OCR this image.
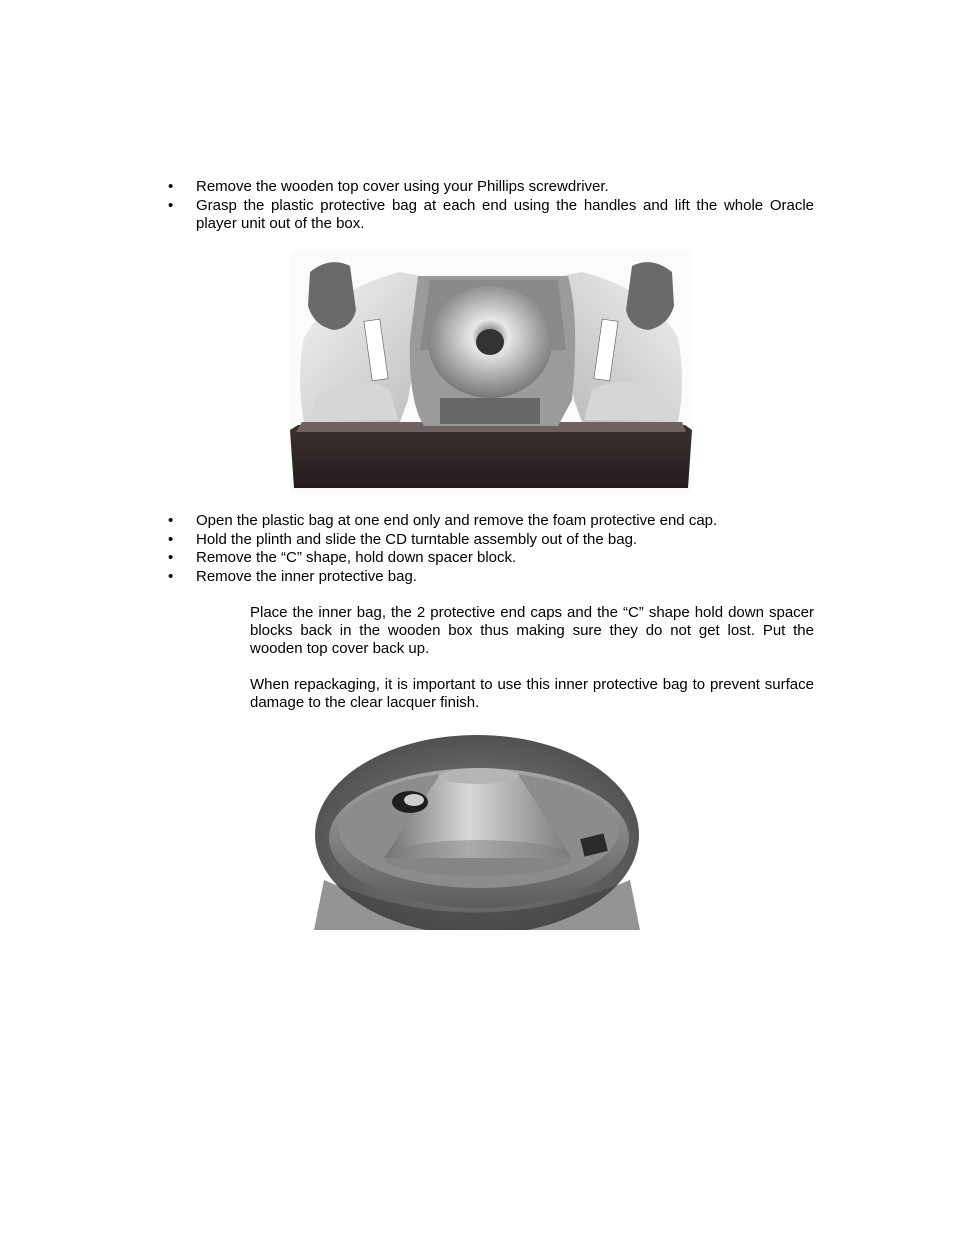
• Remove the wooden top cover using your Phillips screwdriver.
• Grasp the plastic protective bag at each end using the handles and lift the whole Oracle player unit out of the box.
• Open the plastic bag at one end only and remove the foam protective end cap.
• Hold the plinth and slide the CD turntable assembly out of the bag.
• Remove the “C” shape, hold down spacer block.
• Remove the inner protective bag.

Place the inner bag, the 2 protective end caps and the “C” shape hold down spacer blocks back in the wooden box thus making sure they do not get lost. Put the wooden top cover back up.

When repackaging, it is important to use this inner protective bag to prevent surface damage to the clear lacquer finish.
